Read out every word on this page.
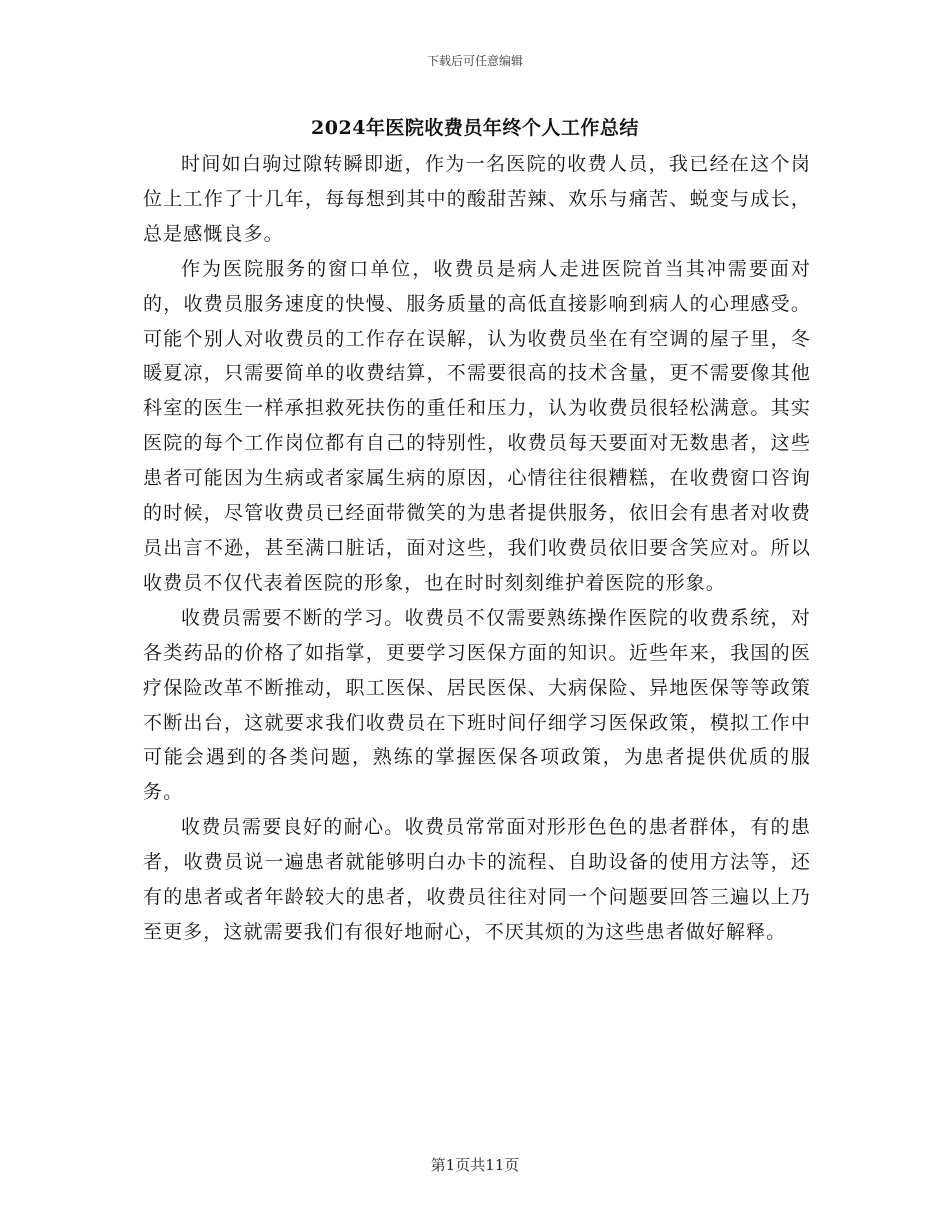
下载后可任意编辑
2024年医院收费员年终个人工作总结

时间如白驹过隙转瞬即逝，作为一名医院的收费人员，我已经在这个岗位上工作了十几年，每每想到其中的酸甜苦辣、欢乐与痛苦、蜕变与成长，总是感慨良多。

作为医院服务的窗口单位，收费员是病人走进医院首当其冲需要面对的，收费员服务速度的快慢、服务质量的高低直接影响到病人的心理感受。可能个别人对收费员的工作存在误解，认为收费员坐在有空调的屋子里，冬暖夏凉，只需要简单的收费结算，不需要很高的技术含量，更不需要像其他科室的医生一样承担救死扶伤的重任和压力，认为收费员很轻松满意。其实医院的每个工作岗位都有自己的特别性，收费员每天要面对无数患者，这些患者可能因为生病或者家属生病的原因，心情往往很糟糕，在收费窗口咨询的时候，尽管收费员已经面带微笑的为患者提供服务，依旧会有患者对收费员出言不逊，甚至满口脏话，面对这些，我们收费员依旧要含笑应对。所以收费员不仅代表着医院的形象，也在时时刻刻维护着医院的形象。

收费员需要不断的学习。收费员不仅需要熟练操作医院的收费系统，对各类药品的价格了如指掌，更要学习医保方面的知识。近些年来，我国的医疗保险改革不断推动，职工医保、居民医保、大病保险、异地医保等等政策不断出台，这就要求我们收费员在下班时间仔细学习医保政策，模拟工作中可能会遇到的各类问题，熟练的掌握医保各项政策，为患者提供优质的服务。

收费员需要良好的耐心。收费员常常面对形形色色的患者群体，有的患者，收费员说一遍患者就能够明白办卡的流程、自助设备的使用方法等，还有的患者或者年龄较大的患者，收费员往往对同一个问题要回答三遍以上乃至更多，这就需要我们有很好地耐心，不厌其烦的为这些患者做好解释。

第1页共11页
